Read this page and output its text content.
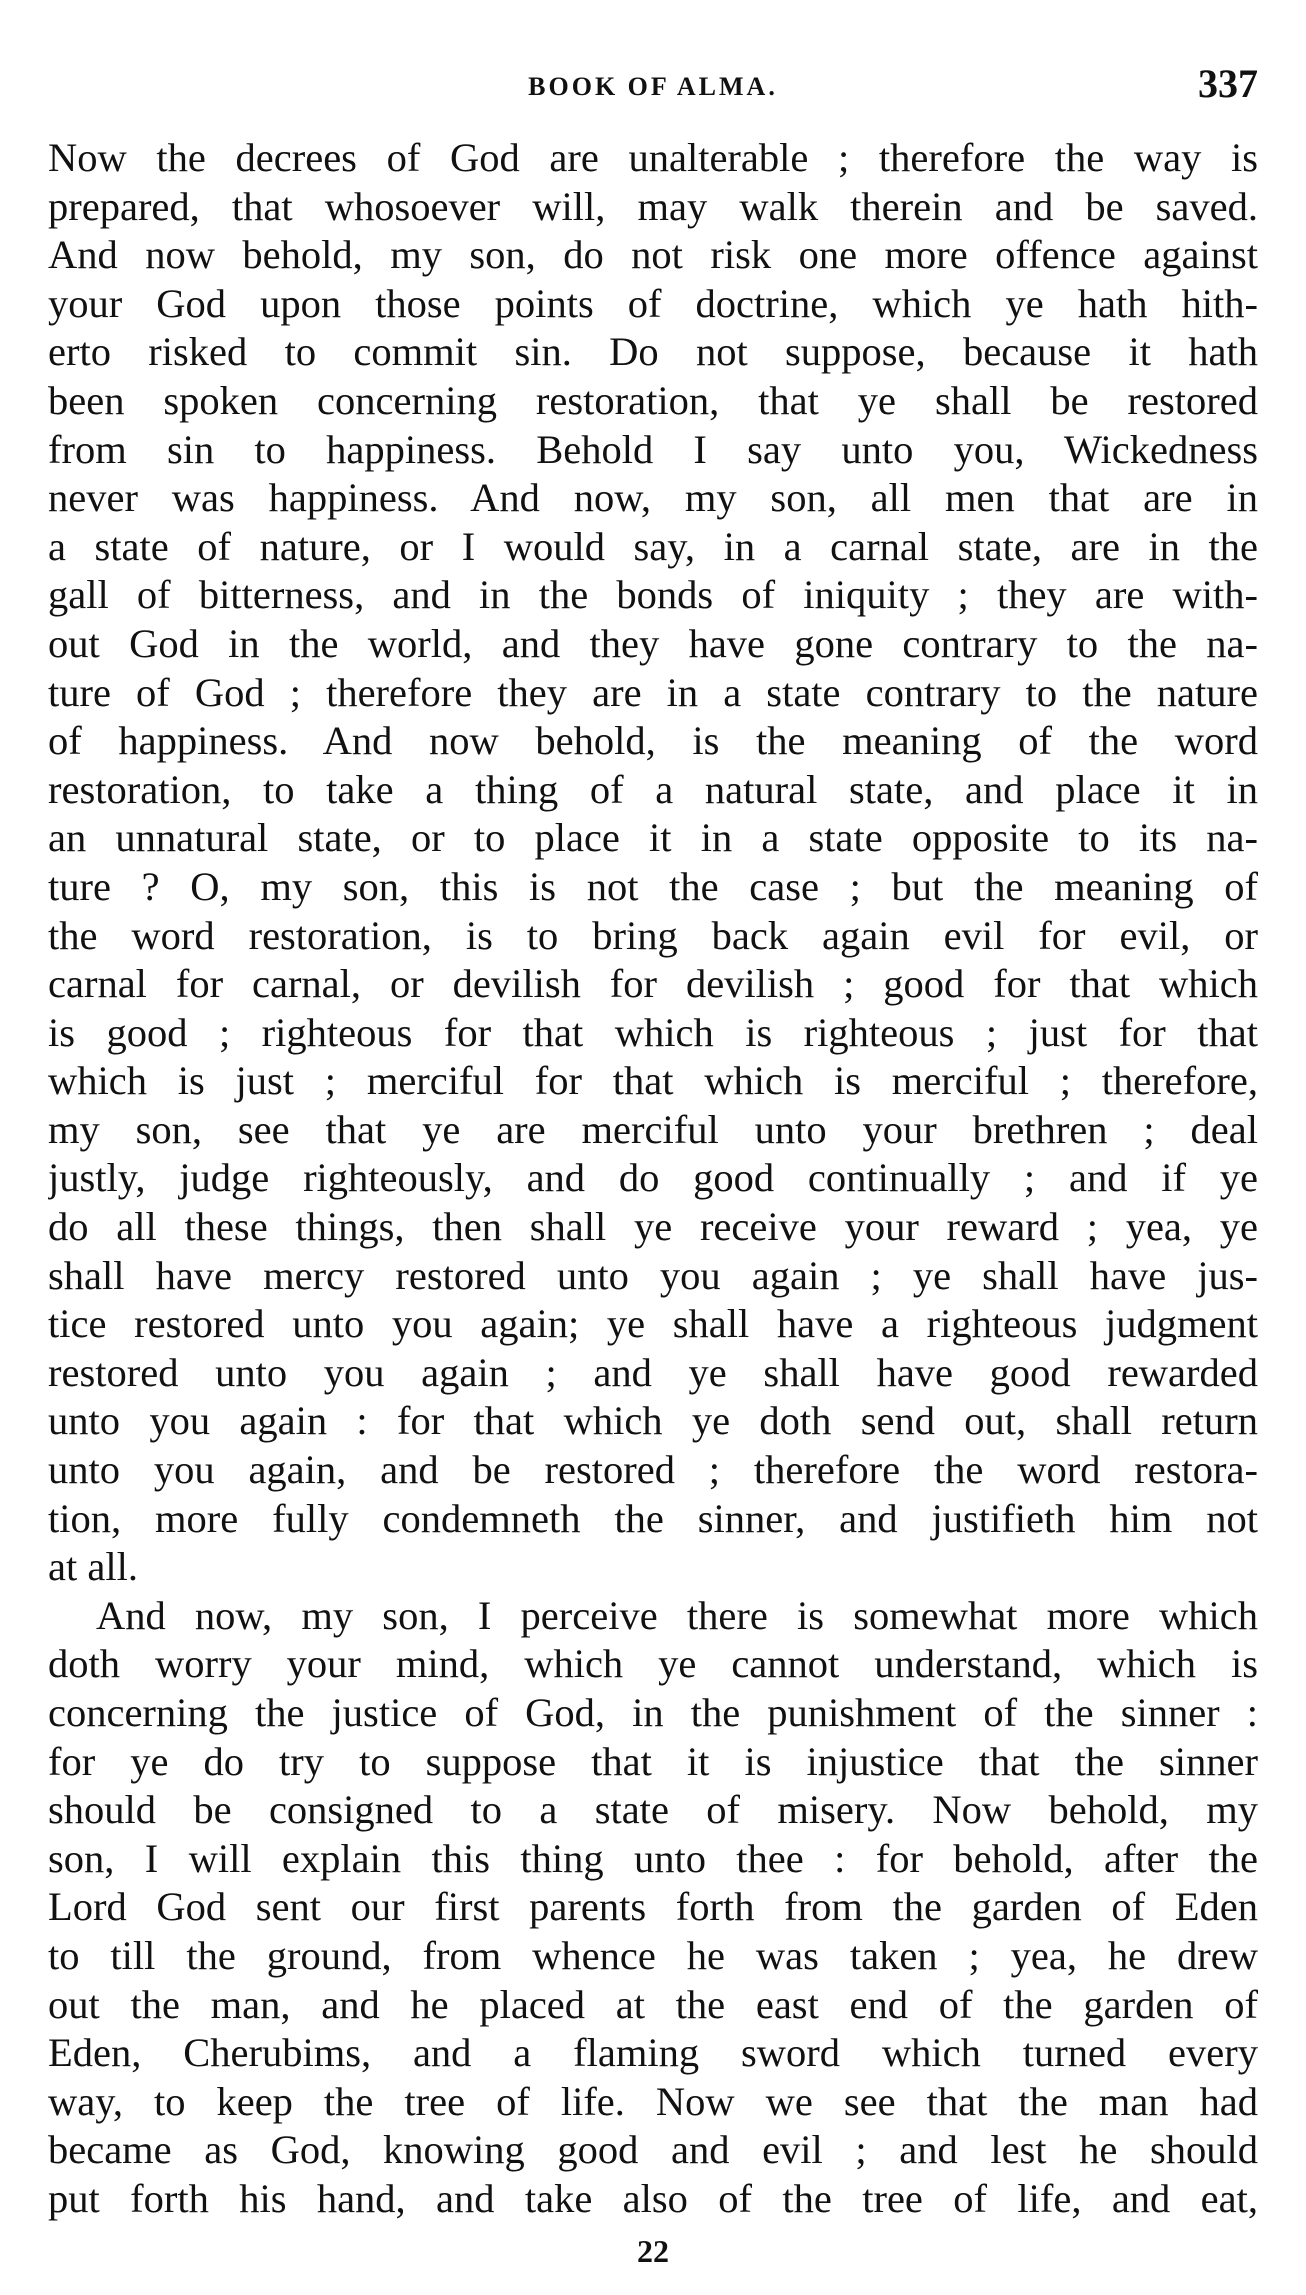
BOOK OF ALMA.	337
Now the decrees of God are unalterable ; therefore the way is
prepared, that whosoever will, may walk therein and be saved.
And now behold, my son, do not risk one more offence against
your God upon those points of doctrine, which ye hath hith-
erto risked to commit sin. Do not suppose, because it hath
been spoken concerning restoration, that ye shall be restored
from sin to happiness. Behold I say unto you, Wickedness
never was happiness. And now, my son, all men that are in
a state of nature, or I would say, in a carnal state, are in the
gall of bitterness, and in the bonds of iniquity ; they are with-
out God in the world, and they have gone contrary to the na-
ture of God ; therefore they are in a state contrary to the nature
of happiness. And now behold, is the meaning of the word
restoration, to take a thing of a natural state, and place it in
an unnatural state, or to place it in a state opposite to its na-
ture ? O, my son, this is not the case ; but the meaning of
the word restoration, is to bring back again evil for evil, or
carnal for carnal, or devilish for devilish ; good for that which
is good ; righteous for that which is righteous ; just for that
which is just ; merciful for that which is merciful ; therefore,
my son, see that ye are merciful unto your brethren ; deal
justly, judge righteously, and do good continually ; and if ye
do all these things, then shall ye receive your reward ; yea, ye
shall have mercy restored unto you again ; ye shall have jus-
tice restored unto you again; ye shall have a righteous judgment
restored unto you again ; and ye shall have good rewarded
unto you again : for that which ye doth send out, shall return
unto you again, and be restored ; therefore the word restora-
tion, more fully condemneth the sinner, and justifieth him not
at all.
And now, my son, I perceive there is somewhat more which
doth worry your mind, which ye cannot understand, which is
concerning the justice of God, in the punishment of the sinner :
for ye do try to suppose that it is injustice that the sinner
should be consigned to a state of misery. Now behold, my
son, I will explain this thing unto thee : for behold, after the
Lord God sent our first parents forth from the garden of Eden
to till the ground, from whence he was taken ; yea, he drew
out the man, and he placed at the east end of the garden of
Eden, Cherubims, and a flaming sword which turned every
way, to keep the tree of life. Now we see that the man had
became as God, knowing good and evil ; and lest he should
put forth his hand, and take also of the tree of life, and eat,
22
